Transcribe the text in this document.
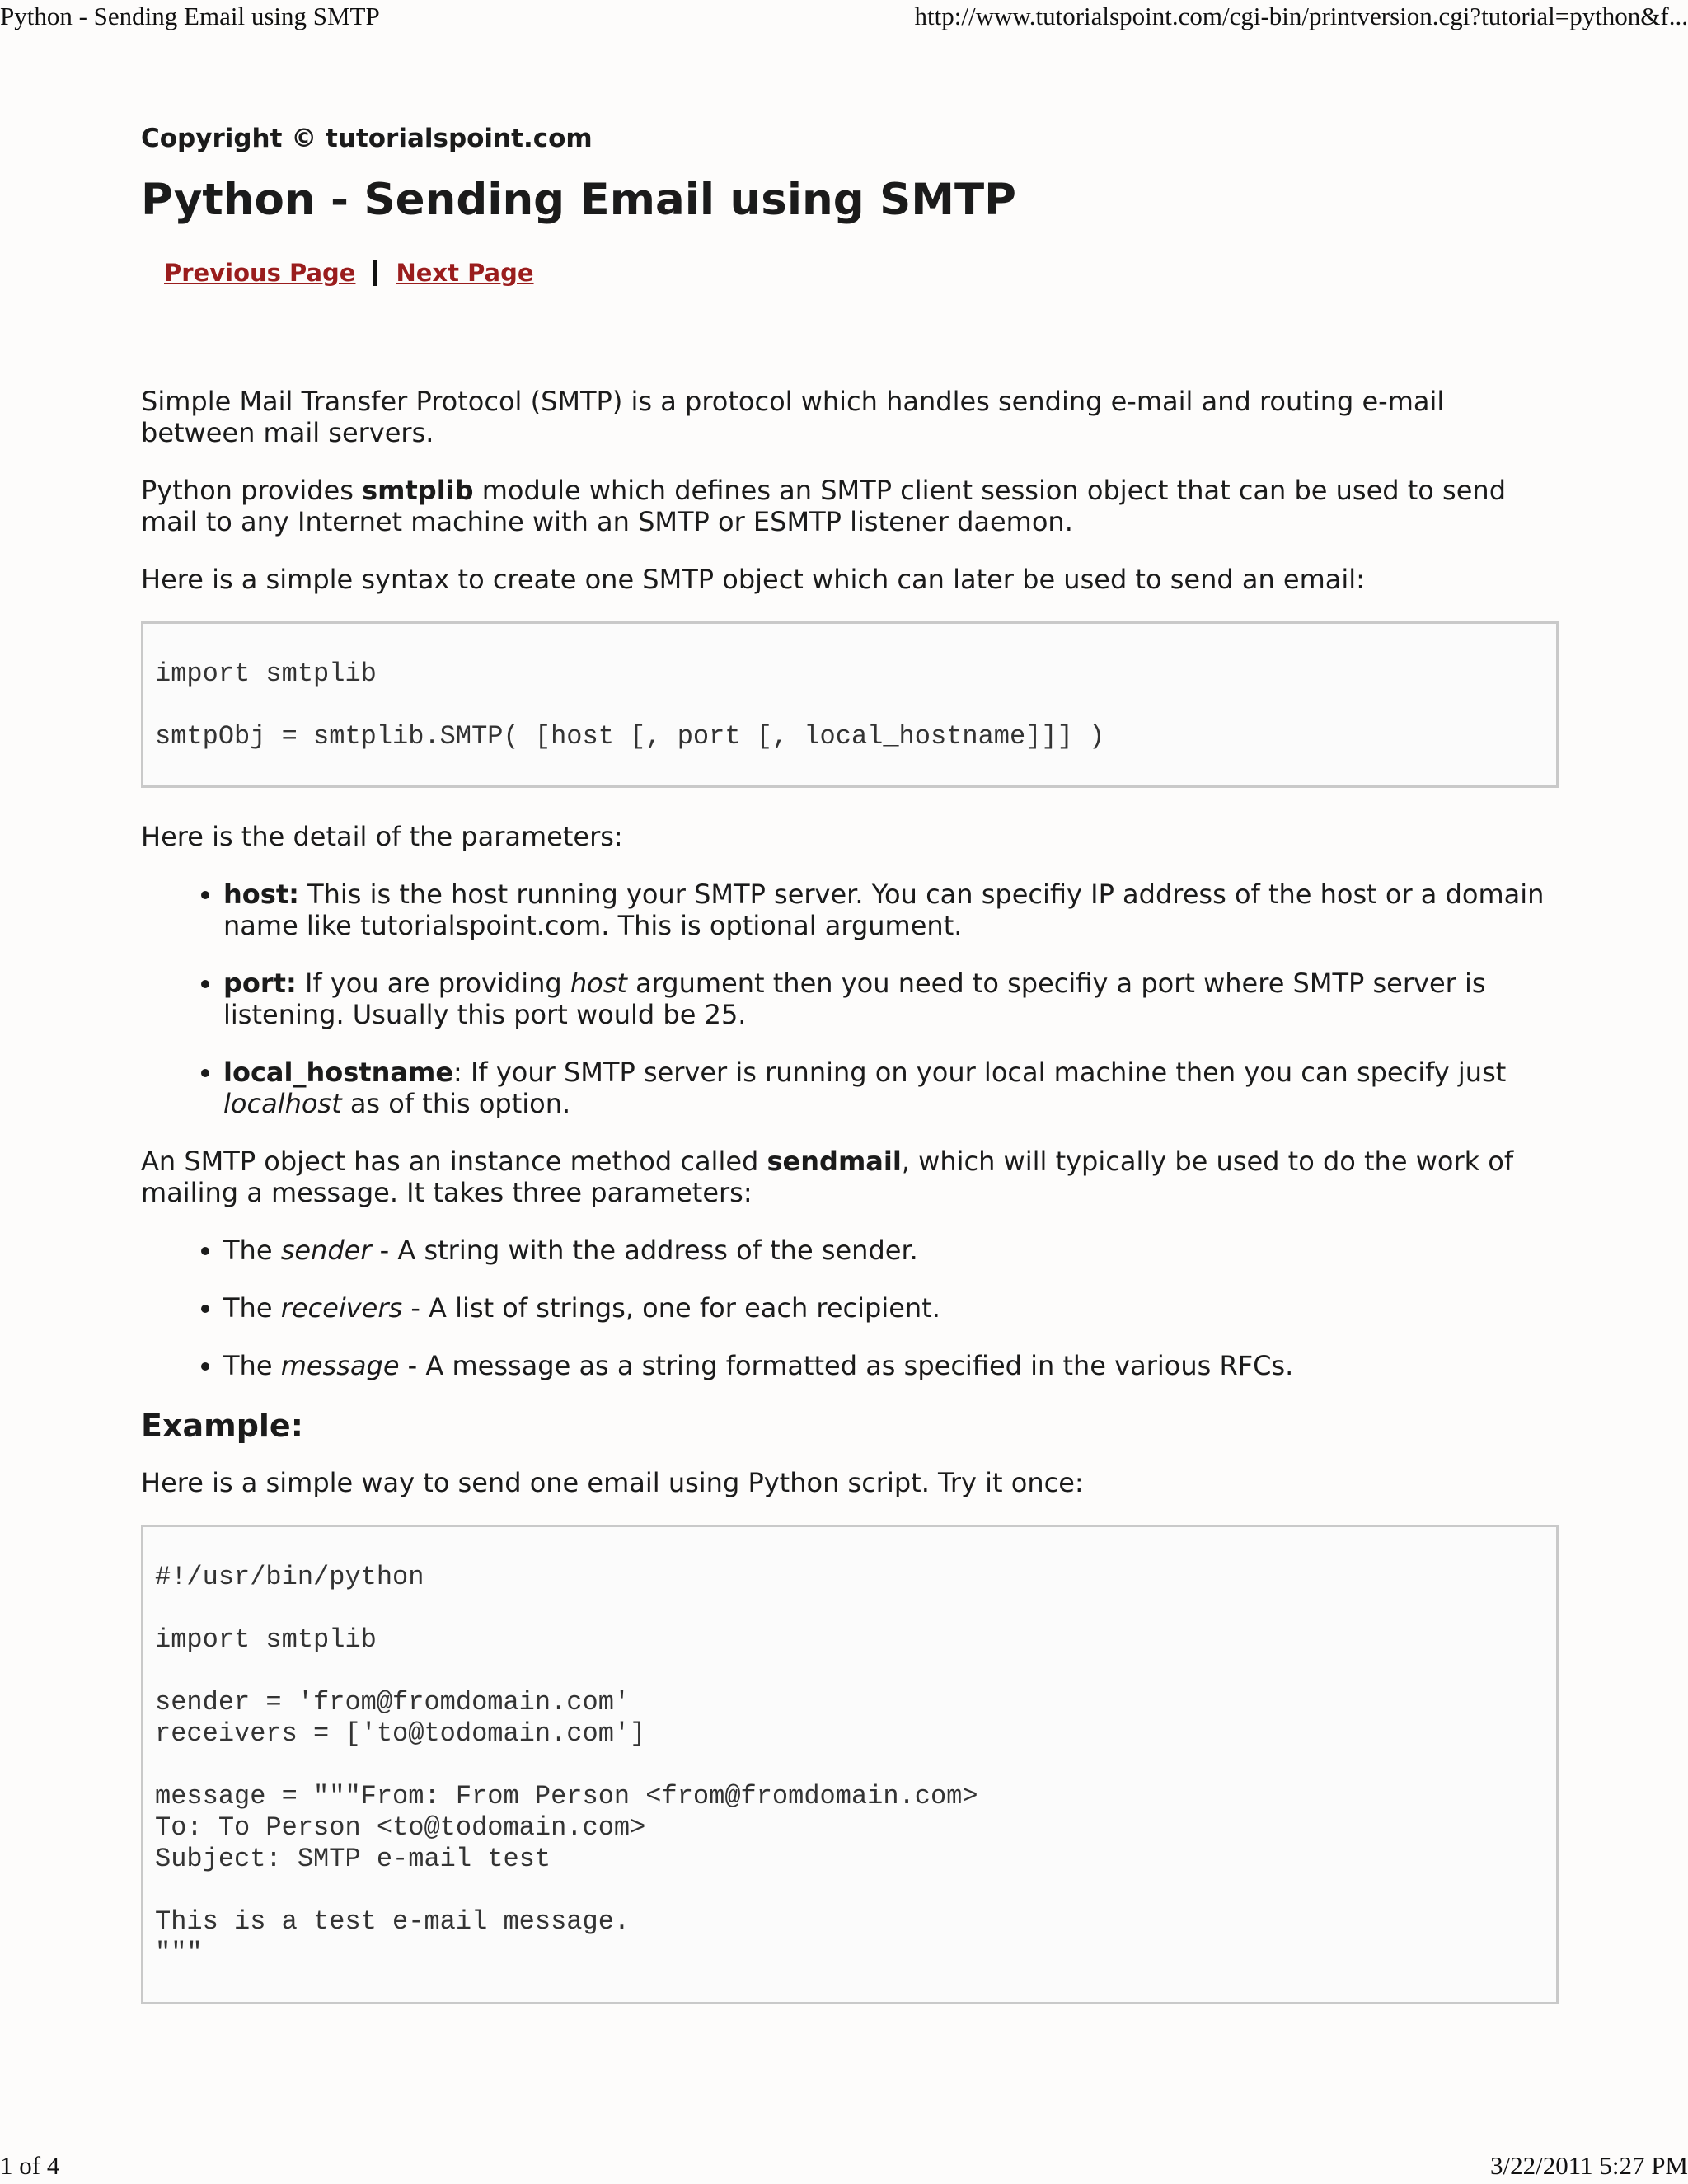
Python - Sending Email using SMTP	http://www.tutorialspoint.com/cgi-bin/printversion.cgi?tutorial=python&f...
Copyright © tutorialspoint.com
Python - Sending Email using SMTP
Previous Page Next Page

Simple Mail Transfer Protocol (SMTP) is a protocol which handles sending e-mail and routing e-mail between mail servers.

Python provides smtplib module which defines an SMTP client session object that can be used to send mail to any Internet machine with an SMTP or ESMTP listener daemon.

Here is a simple syntax to create one SMTP object which can later be used to send an email:

import smtplib
smtpObj = smtplib.SMTP( [host [, port [, local_hostname]]] )

Here is the detail of the parameters:

• host: This is the host running your SMTP server. You can specifiy IP address of the host or a domain name like tutorialspoint.com. This is optional argument.
• port: If you are providing host argument then you need to specifiy a port where SMTP server is listening. Usually this port would be 25.
• local_hostname: If your SMTP server is running on your local machine then you can specify just localhost as of this option.

An SMTP object has an instance method called sendmail, which will typically be used to do the work of mailing a message. It takes three parameters:

• The sender - A string with the address of the sender.
• The receivers - A list of strings, one for each recipient.
• The message - A message as a string formatted as specified in the various RFCs.
Example:

Here is a simple way to send one email using Python script. Try it once:

#!/usr/bin/python
import smtplib
sender = 'from@fromdomain.com'
receivers = ['to@todomain.com']
message = """From: From Person <from@fromdomain.com>
To: To Person <to@todomain.com>
Subject: SMTP e-mail test
This is a test e-mail message.
"""
1 of 4	3/22/2011 5:27 PM
